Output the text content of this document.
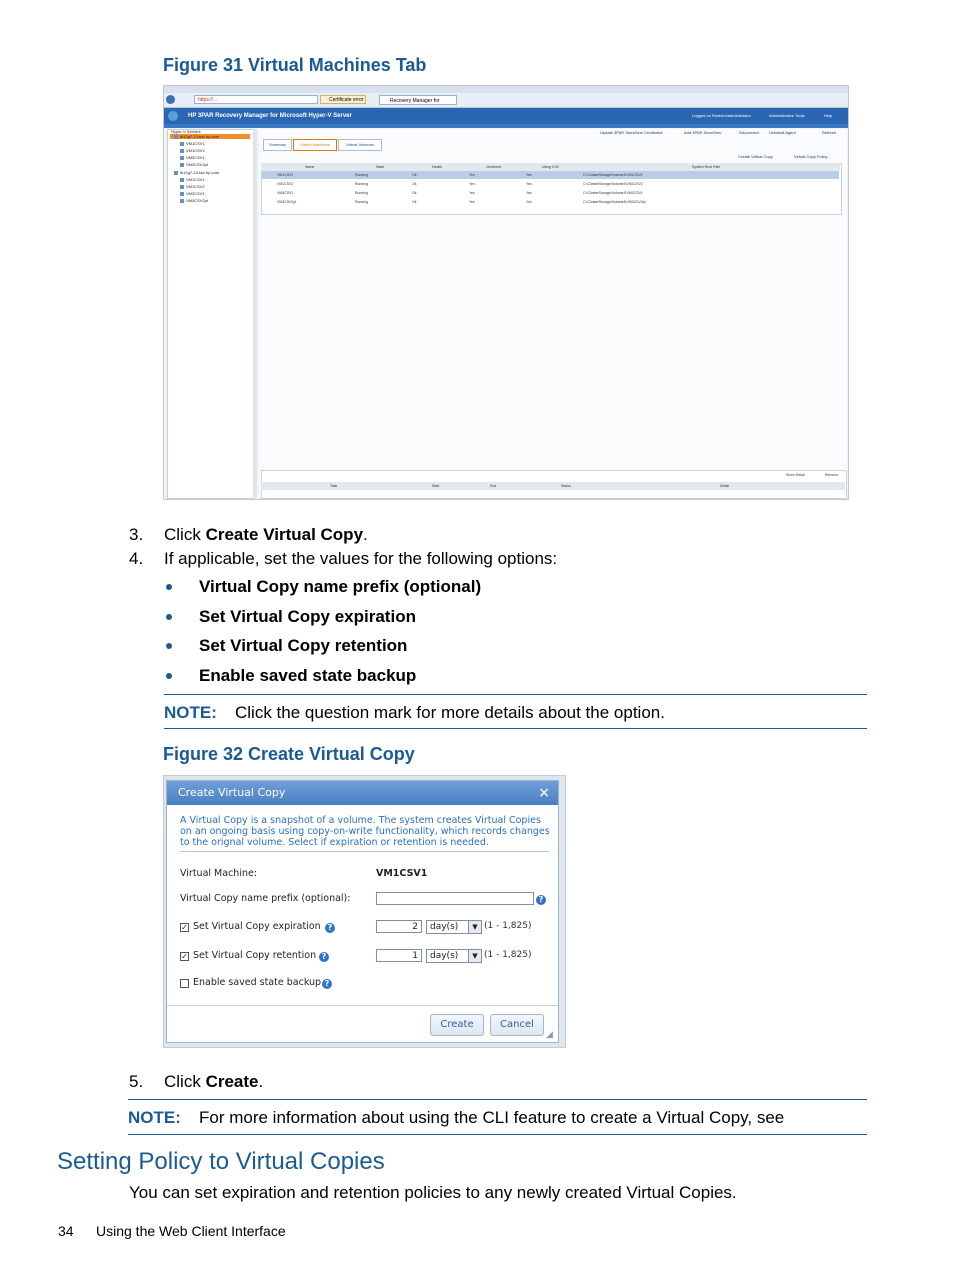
Figure 31 Virtual Machines Tab
https://...	Certificate error	Recovery Manager for
HP 3PAR Recovery Manager for Microsoft Hyper-V Server	Logged on Redisho/administrator	Administrative Tools	Help
Hyper-V Servers
ib12g7-23.ssc.hp.com
VM1CSV1
VM1CSV2
VM3CSV1
VM3CSV2pt
ib12g7-24.ssc.hp.com
VM1CSV1
VM1CSV2
VM3CSV1
VM3CSV2pt
Update 3PAR StoreServ Credential	Add 3PAR StoreServ	Disconnect	Uninstall Agent	Refresh
Summary	Virtual Machines	Virtual Volumes
Create Virtual Copy	Virtual Copy Policy
Name	State	Health	Clustered	Using CSV	System Root Path
VM1CSV1	Running	Ok	Yes	Yes	C:\ClusterStorage\Volume1\VM1CSV1
VM1CSV2	Running	Ok	Yes	Yes	C:\ClusterStorage\Volume2\VM1CSV2
VM3CSV1	Running	Ok	Yes	Yes	C:\ClusterStorage\Volume3\VM3CSV1
VM3CSV2pt	Running	Ok	Yes	Yes	C:\ClusterStorage\Volume4\VM3CSV2pt
Show Detail	Remove
Task	Start	End	Status	Detail
3. Click Create Virtual Copy.
4. If applicable, set the values for the following options:
Virtual Copy name prefix (optional)
Set Virtual Copy expiration
Set Virtual Copy retention
Enable saved state backup
NOTE: Click the question mark for more details about the option.
Figure 32 Create Virtual Copy
Create Virtual Copy	×
A Virtual Copy is a snapshot of a volume. The system creates Virtual Copies on an ongoing basis using copy-on-write functionality, which records changes to the orignal volume. Select if expiration or retention is needed.
Virtual Machine:	VM1CSV1
Virtual Copy name prefix (optional):	?
✓ Set Virtual Copy expiration ?	2	day(s)	▼ (1 - 1,825)
✓ Set Virtual Copy retention ?	1	day(s)	▼ (1 - 1,825)
Enable saved state backup ?
Create	Cancel
◢
5. Click Create.
NOTE: For more information about using the CLI feature to create a Virtual Copy, see
Setting Policy to Virtual Copies
You can set expiration and retention policies to any newly created Virtual Copies.
34 Using the Web Client Interface
